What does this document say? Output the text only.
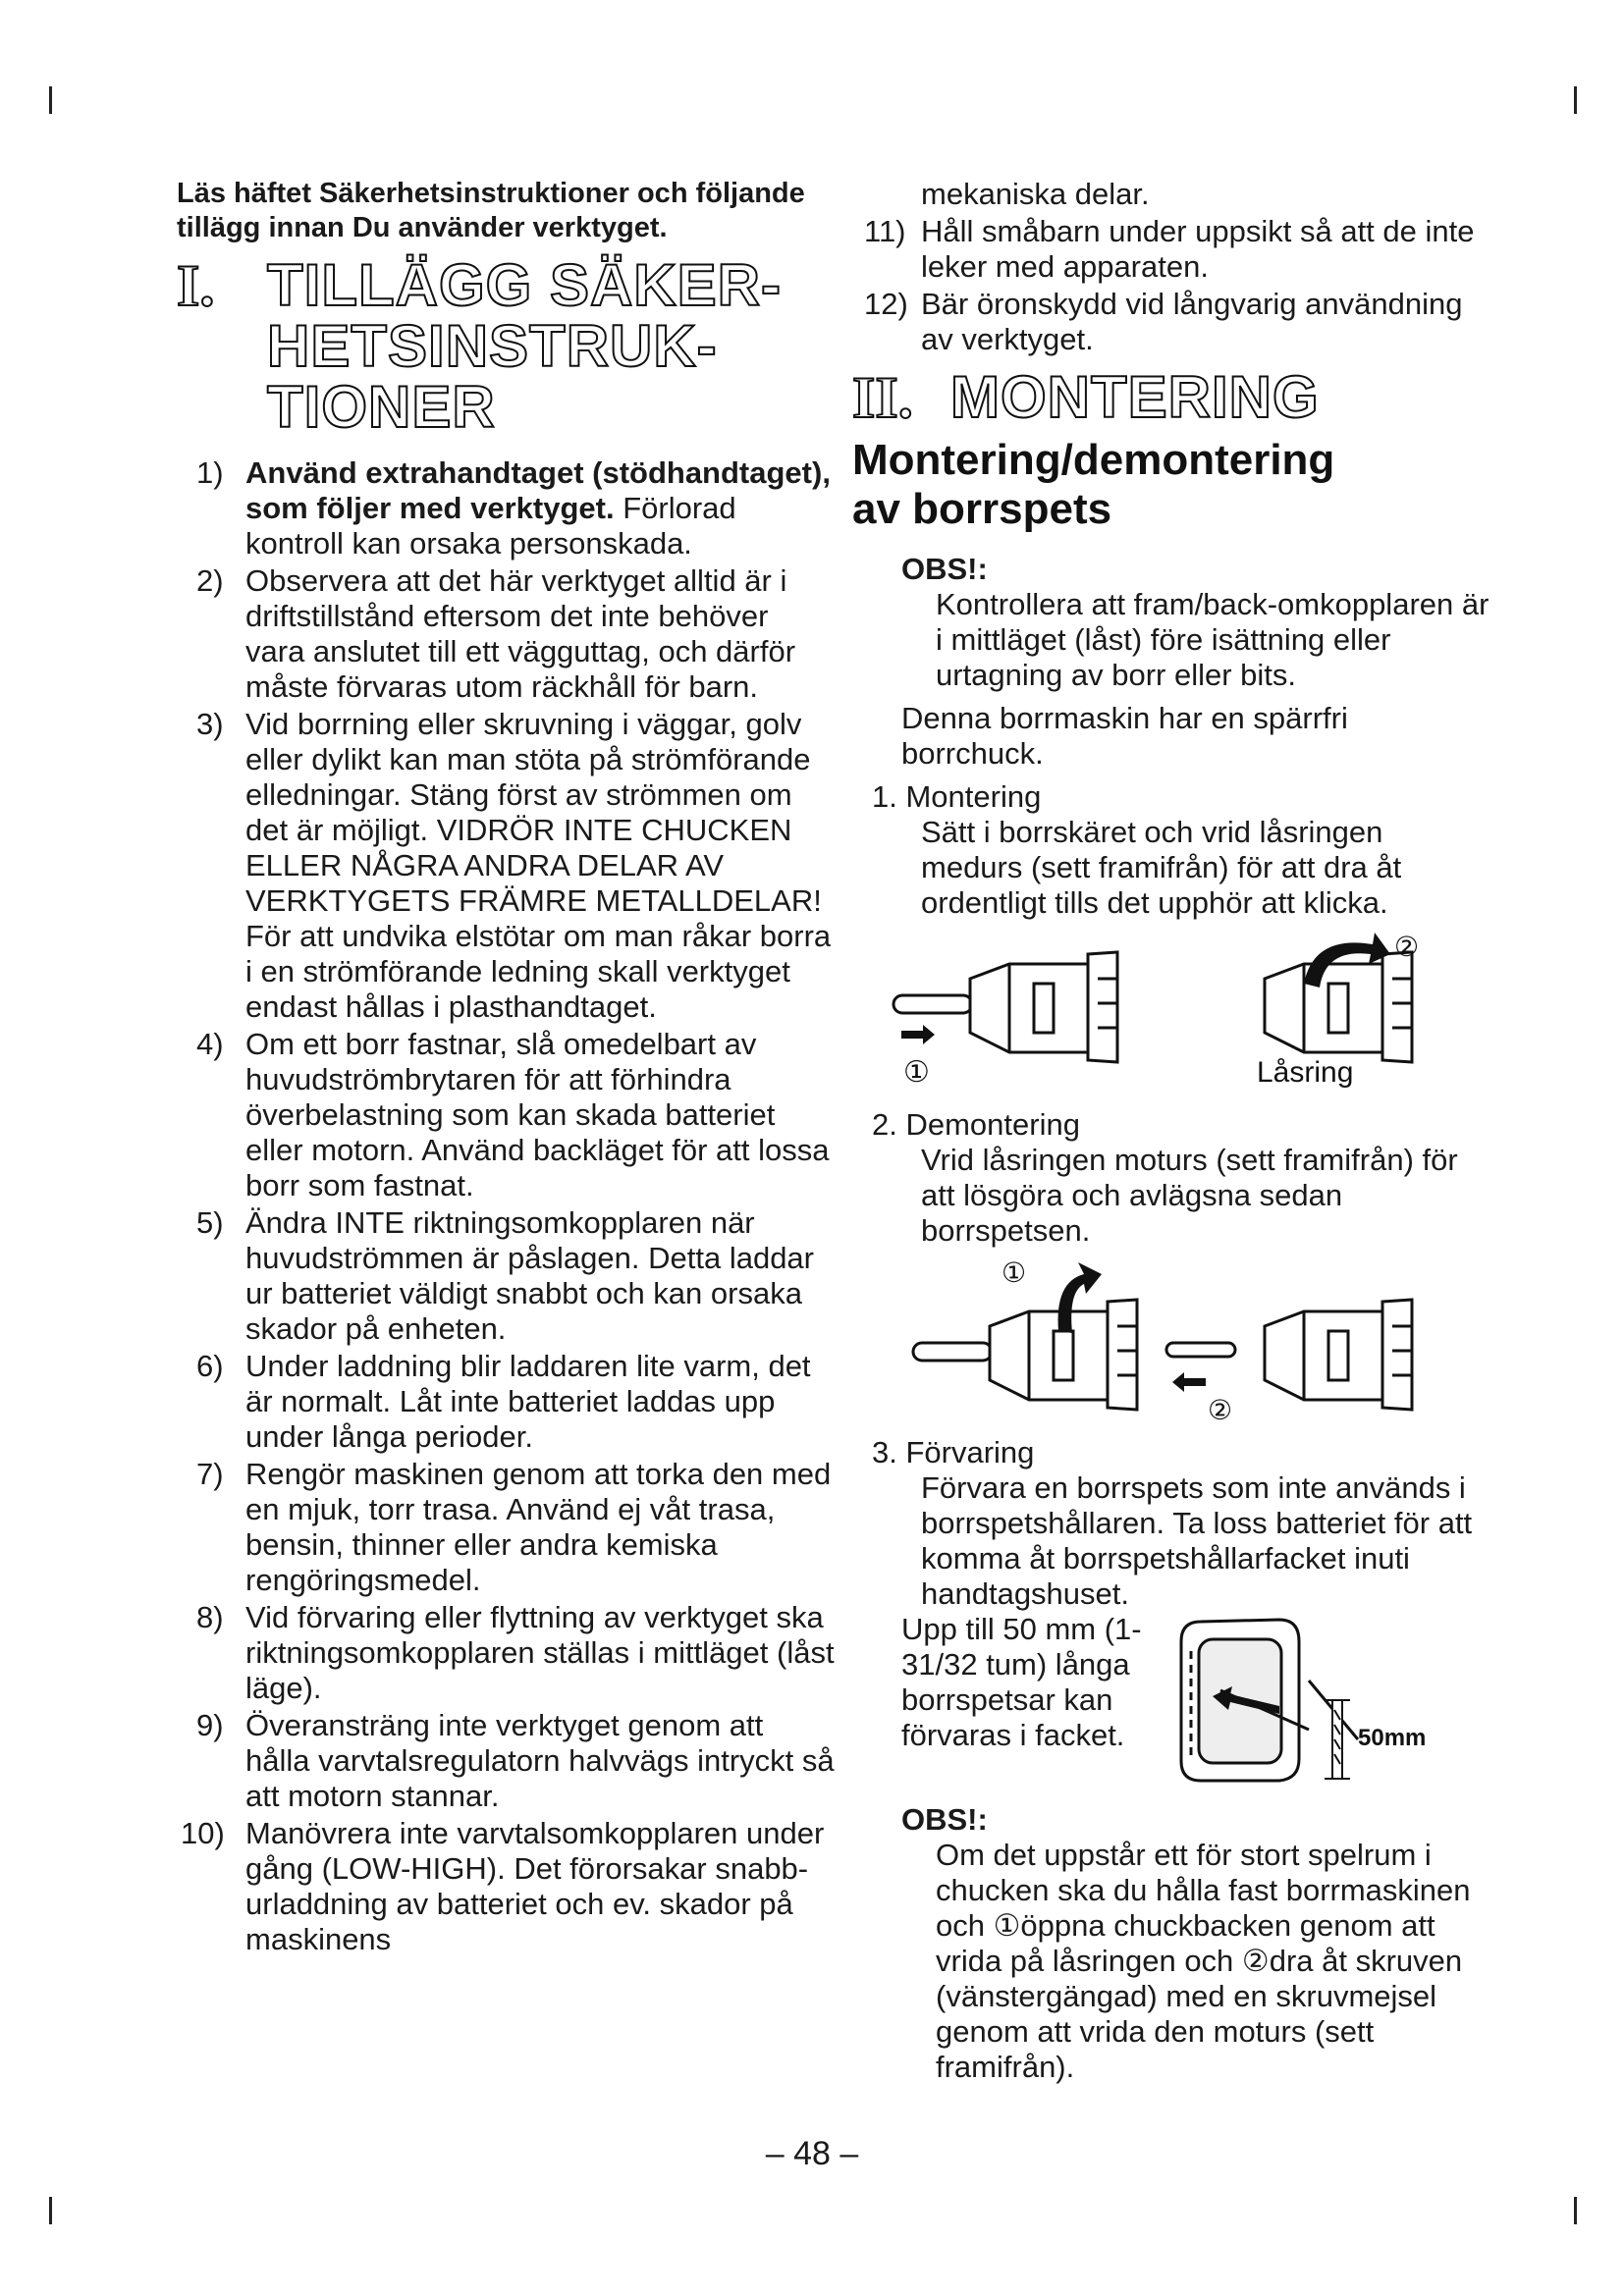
Läs häftet Säkerhetsinstruktioner och följande tillägg innan Du använder verktyget.

I. TILLÄGG SÄKER-
HETSINSTRUK-
TIONER
1) Använd extrahandtaget (stödhandtaget), som följer med verktyget. Förlorad kontroll kan orsaka personskada.
2) Observera att det här verktyget alltid är i driftstillstånd eftersom det inte behöver vara anslutet till ett vägguttag, och därför måste förvaras utom räckhåll för barn.
3) Vid borrning eller skruvning i väggar, golv eller dylikt kan man stöta på strömförande elledningar. Stäng först av strömmen om det är möjligt. VIDRÖR INTE CHUCKEN ELLER NÅGRA ANDRA DELAR AV VERKTYGETS FRÄMRE METALLDELAR! För att undvika elstötar om man råkar borra i en strömförande ledning skall verktyget endast hållas i plasthandtaget.
4) Om ett borr fastnar, slå omedelbart av huvudströmbrytaren för att förhindra överbelastning som kan skada batteriet eller motorn. Använd backläget för att lossa borr som fastnat.
5) Ändra INTE riktningsomkopplaren när huvudströmmen är påslagen. Detta laddar ur batteriet väldigt snabbt och kan orsaka skador på enheten.
6) Under laddning blir laddaren lite varm, det är normalt. Låt inte batteriet laddas upp under långa perioder.
7) Rengör maskinen genom att torka den med en mjuk, torr trasa. Använd ej våt trasa, bensin, thinner eller andra kemiska rengöringsmedel.
8) Vid förvaring eller flyttning av verktyget ska riktningsomkopplaren ställas i mittläget (låst läge).
9) Överansträng inte verktyget genom att hålla varvtalsregulatorn halvvägs intryckt så att motorn stannar.
10) Manövrera inte varvtalsomkopplaren under gång (LOW-HIGH). Det förorsakar snabb-urladdning av batteriet och ev. skador på maskinens
mekaniska delar.
11) Håll småbarn under uppsikt så att de inte leker med apparaten.
12) Bär öronskydd vid långvarig användning av verktyget.
II. MONTERING
Montering/demontering
av borrspets
OBS!:
Kontrollera att fram/back-omkopplaren är i mittläget (låst) före isättning eller urtagning av borr eller bits.
Denna borrmaskin har en spärrfri borrchuck.
1. Montering
Sätt i borrskäret och vrid låsringen medurs (sett framifrån) för att dra åt ordentligt tills det upphör att klicka.
①
②
Låsring
2. Demontering
Vrid låsringen moturs (sett framifrån) för att lösgöra och avlägsna sedan borrspetsen.
①
②
3. Förvaring
Förvara en borrspets som inte används i borrspetshållaren. Ta loss batteriet för att komma åt borrspetshållarfacket inuti handtagshuset.
Upp till 50 mm (1-31/32 tum) långa borrspetsar kan förvaras i facket.	50mm
OBS!:
Om det uppstår ett för stort spelrum i chucken ska du hålla fast borrmaskinen och ①öppna chuckbacken genom att vrida på låsringen och ②dra åt skruven (vänstergängad) med en skruvmejsel genom att vrida den moturs (sett framifrån).
– 48 –
